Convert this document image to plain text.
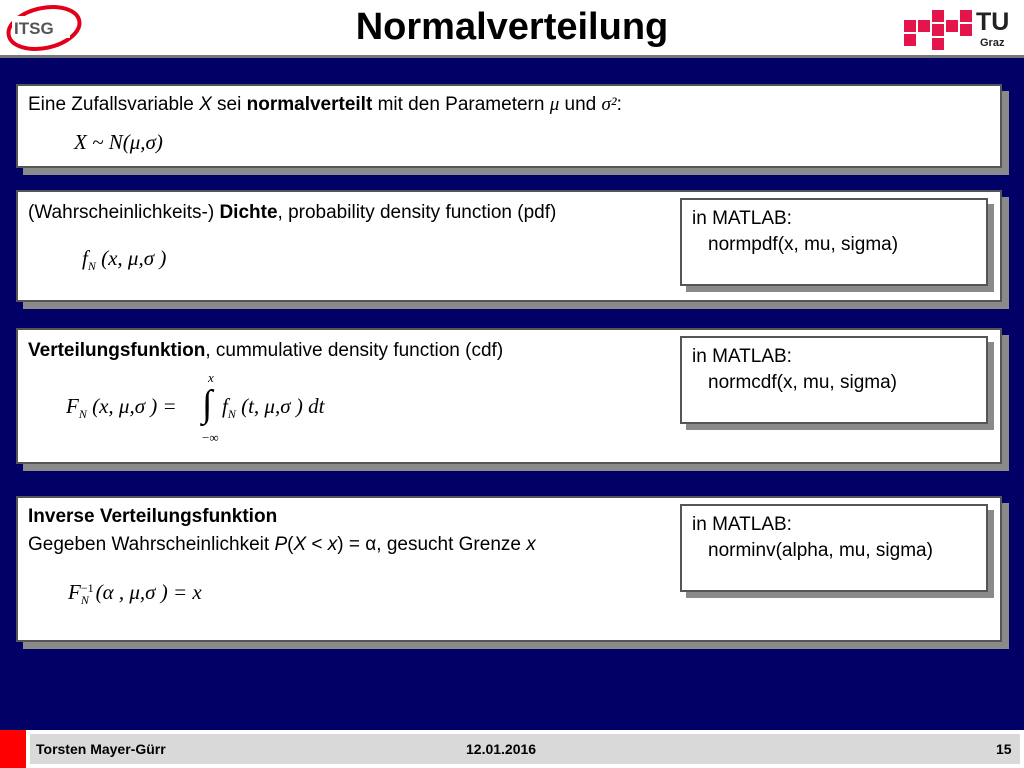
ITSG	Normalverteilung	TU
Graz
Eine Zufallsvariable X sei normalverteilt mit den Parametern μ und σ²:
X ~ N(μ,σ)
(Wahrscheinlichkeits-) Dichte, probability density function (pdf)
$f_N$ (x, μ,σ )
in MATLAB:
normpdf(x, mu, sigma)
Verteilungsfunktion, cummulative density function (cdf)
$F_N$ (x, μ,σ ) =
x
∫
−∞
$f_N$ (t, μ,σ ) dt
in MATLAB:
normcdf(x, mu, sigma)
Inverse Verteilungsfunktion
Gegeben Wahrscheinlichkeit P(X < x) = α, gesucht Grenze x
F −1
N (α , μ,σ ) = x
in MATLAB:
norminv(alpha, mu, sigma)
Torsten Mayer-Gürr	12.01.2016	15
